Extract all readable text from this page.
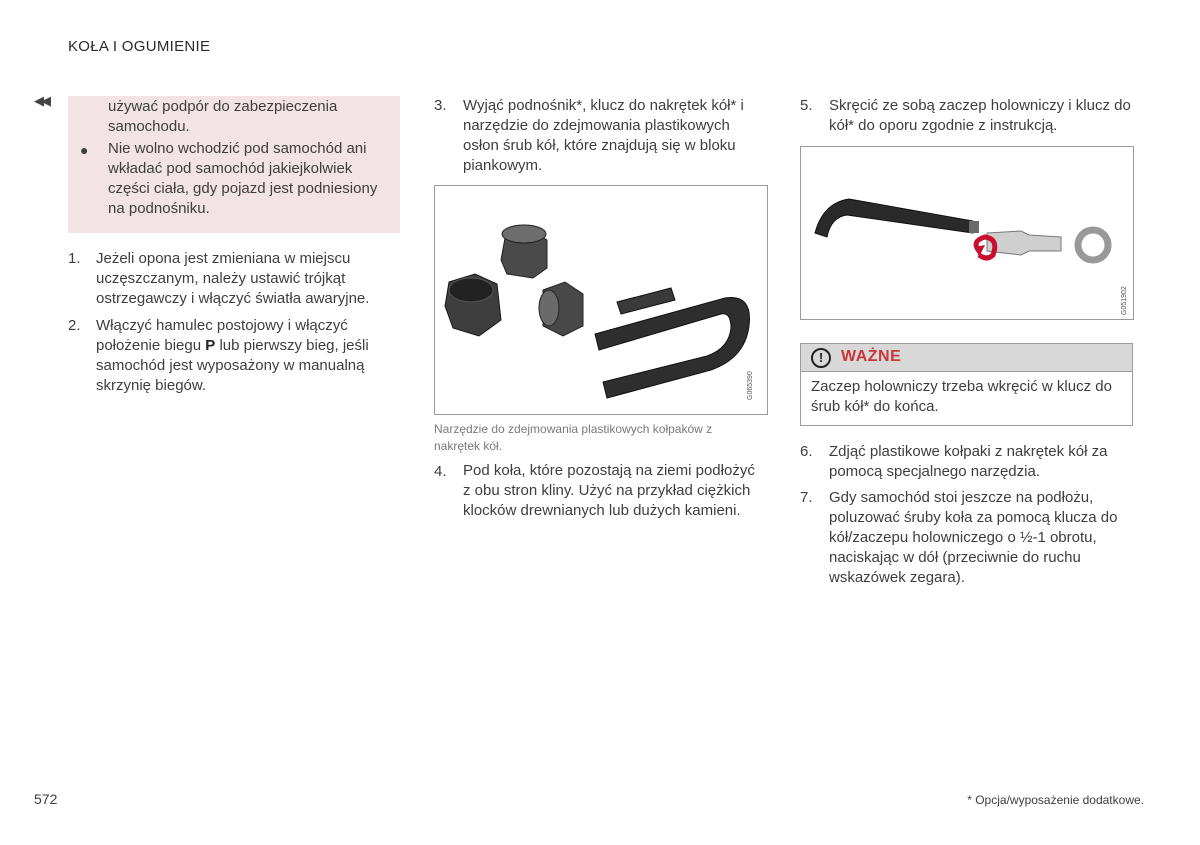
KOŁA I OGUMIENIE
◀◀	używać podpór do zabezpieczenia samochodu.
● Nie wolno wchodzić pod samochód ani wkładać pod samochód jakiejkolwiek części ciała, gdy pojazd jest podniesiony na podnośniku.
1. Jeżeli opona jest zmieniana w miejscu uczęszczanym, należy ustawić trójkąt ostrzegawczy i włączyć światła awaryjne.
2. Włączyć hamulec postojowy i włączyć położenie biegu P lub pierwszy bieg, jeśli samochód jest wyposażony w manualną skrzynię biegów.
3. Wyjąć podnośnik*, klucz do nakrętek kół* i narzędzie do zdejmowania plastikowych osłon śrub kół, które znajdują się w bloku piankowym.
G065390
Narzędzie do zdejmowania plastikowych kołpaków z nakrętek kół.
4. Pod koła, które pozostają na ziemi podłożyć z obu stron kliny. Użyć na przykład ciężkich klocków drewnianych lub dużych kamieni.
5. Skręcić ze sobą zaczep holowniczy i klucz do kół* do oporu zgodnie z instrukcją.
G051902
!	WAŻNE
Zaczep holowniczy trzeba wkręcić w klucz do śrub kół* do końca.
6. Zdjąć plastikowe kołpaki z nakrętek kół za pomocą specjalnego narzędzia.
7. Gdy samochód stoi jeszcze na podłożu, poluzować śruby koła za pomocą klucza do kół/zaczepu holowniczego o ½-1 obrotu, naciskając w dół (przeciwnie do ruchu wskazówek zegara).
572	* Opcja/wyposażenie dodatkowe.
